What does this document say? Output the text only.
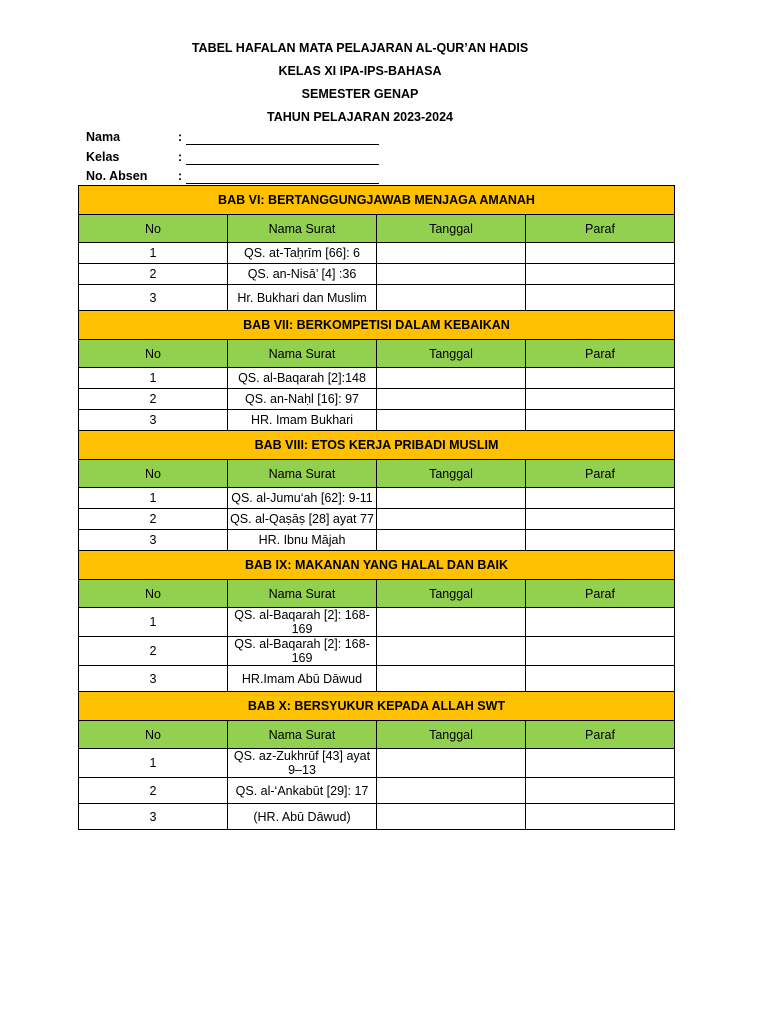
TABEL HAFALAN MATA PELAJARAN AL-QUR’AN HADIS
KELAS XI IPA-IPS-BAHASA
SEMESTER GENAP
TAHUN PELAJARAN 2023-2024
Nama	:
Kelas	:
No. Absen	:
BAB VI: BERTANGGUNGJAWAB MENJAGA AMANAH			
No	Nama Surat	Tanggal	Paraf
1	QS. at-Taḥrīm [66]: 6		
2	QS. an-Nisā’ [4] :36		
3	Hr. Bukhari dan Muslim		
BAB VII: BERKOMPETISI DALAM KEBAIKAN			
No	Nama Surat	Tanggal	Paraf
1	QS. al-Baqarah [2]:148		
2	QS. an-Naḥl [16]: 97		
3	HR. Imam Bukhari		
BAB VIII: ETOS KERJA PRIBADI MUSLIM			
No	Nama Surat	Tanggal	Paraf
1	QS. al-Jumu‘ah [62]: 9-11		
2	QS. al-Qaṣāṣ [28] ayat 77		
3	HR. Ibnu Mājah		
BAB IX: MAKANAN YANG HALAL DAN BAIK			
No	Nama Surat	Tanggal	Paraf
1	QS. al-Baqarah [2]: 168-169		
2	QS. al-Baqarah [2]: 168-169		
3	HR.Imam Abū Dāwud		
BAB X: BERSYUKUR KEPADA ALLAH SWT			
No	Nama Surat	Tanggal	Paraf
1	QS. az-Zukhrūf [43] ayat 9–13		
2	QS. al-‘Ankabūt [29]: 17		
3	(HR. Abū Dāwud)		
